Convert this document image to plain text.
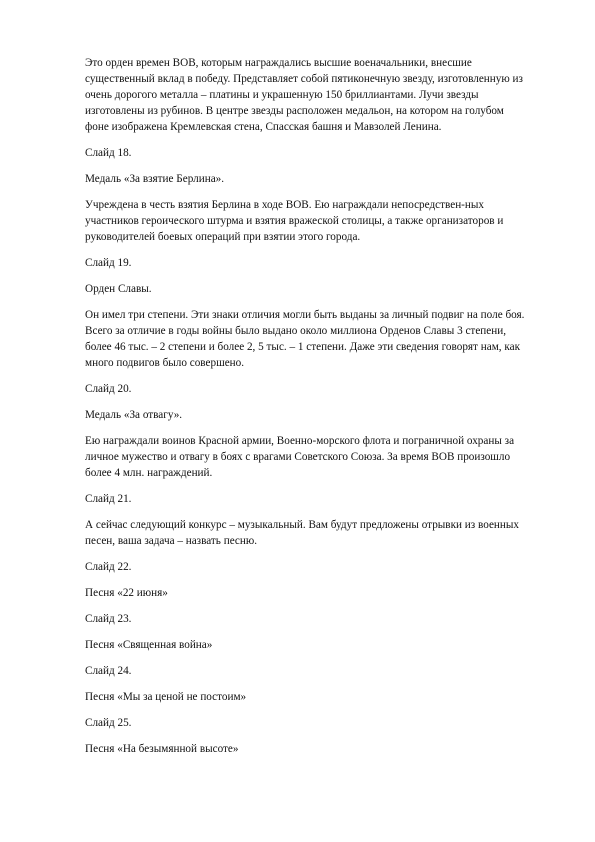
Это орден времен ВОВ, которым награждались высшие военачальники, внесшие
существенный вклад в победу. Представляет собой пятиконечную звезду, изготовленную из
очень дорогого металла – платины и украшенную 150 бриллиантами. Лучи звезды
изготовлены из рубинов. В центре звезды расположен медальон, на котором на голубом
фоне изображена Кремлевская стена, Спасская башня и Мавзолей Ленина.

Слайд 18.

Медаль «За взятие Берлина».

Учреждена в честь взятия Берлина в ходе ВОВ. Ею награждали непосредствен-ных
участников героического штурма и взятия вражеской столицы, а также организаторов и
руководителей боевых операций при взятии этого города.

Слайд 19.

Орден Славы.

Он имел три степени. Эти знаки отличия могли быть выданы за личный подвиг на поле боя.
Всего за отличие в годы войны было выдано около миллиона Орденов Славы 3 степени,
более 46 тыс. – 2 степени и более 2, 5 тыс. – 1 степени. Даже эти сведения говорят нам, как
много подвигов было совершено.

Слайд 20.

Медаль «За отвагу».

Ею награждали воинов Красной армии, Военно-морского флота и пограничной охраны за
личное мужество и отвагу в боях с врагами Советского Союза. За время ВОВ произошло
более 4 млн. награждений.

Слайд 21.

А сейчас следующий конкурс – музыкальный. Вам будут предложены отрывки из военных
песен, ваша задача – назвать песню.

Слайд 22.

Песня «22 июня»

Слайд 23.

Песня «Священная война»

Слайд 24.

Песня «Мы за ценой не постоим»

Слайд 25.

Песня «На безымянной высоте»
